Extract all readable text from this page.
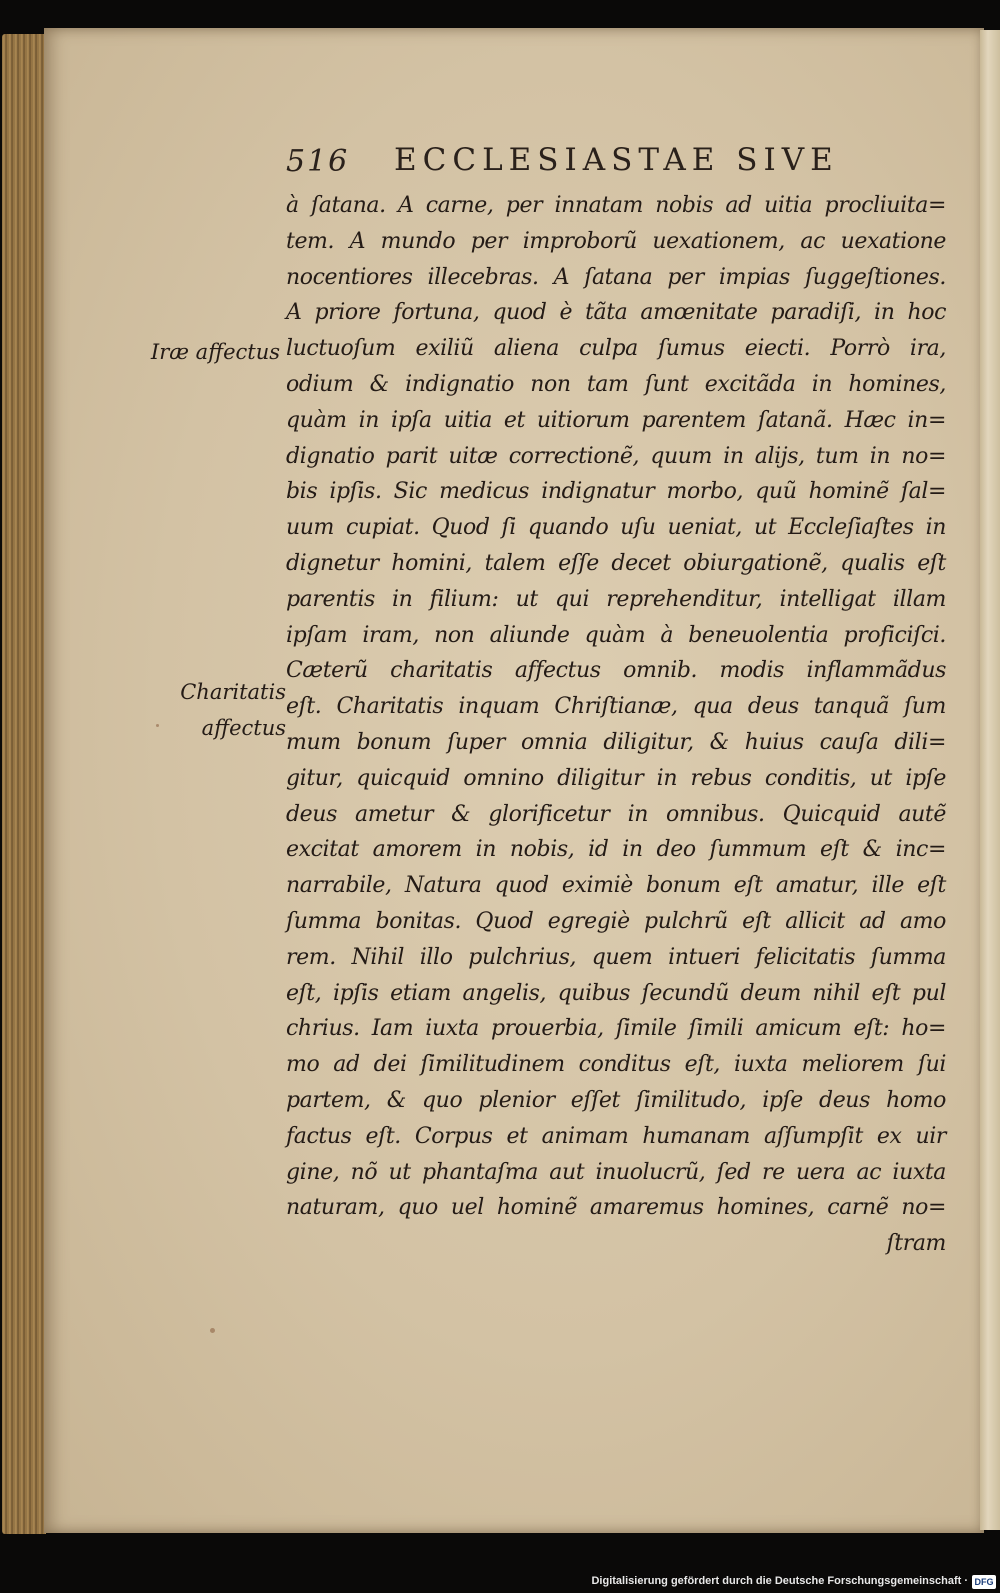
516 ECCLESIASTAE SIVE
Iræ affectus
Charitatis
affectus
à ſatana. A carne, per innatam nobis ad uitia procliuita=
tem. A mundo per improborũ uexationem, ac uexatione
nocentiores illecebras. A ſatana per impias ſuggeſtiones.
A priore fortuna, quod è tãta amœnitate paradiſi, in hoc
luctuoſum exiliũ aliena culpa ſumus eiecti. Porrò ira,
odium & indignatio non tam ſunt excitãda in homines,
quàm in ipſa uitia et uitiorum parentem ſatanã. Hæc in=
dignatio parit uitæ correctionẽ, quum in alijs, tum in no=
bis ipſis. Sic medicus indignatur morbo, quũ hominẽ ſal=
uum cupiat. Quod ſi quando uſu ueniat, ut Eccleſiaſtes in
dignetur homini, talem eſſe decet obiurgationẽ, qualis eſt
parentis in filium: ut qui reprehenditur, intelligat illam
ipſam iram, non aliunde quàm à beneuolentia proficiſci.
Cæterũ charitatis affectus omnib. modis inflammãdus
eſt. Charitatis inquam Chriſtianæ, qua deus tanquã ſum
mum bonum ſuper omnia diligitur, & huius cauſa dili=
gitur, quicquid omnino diligitur in rebus conditis, ut ipſe
deus ametur & glorificetur in omnibus. Quicquid autẽ
excitat amorem in nobis, id in deo ſummum eſt & inc=
narrabile, Natura quod eximiè bonum eſt amatur, ille eſt
ſumma bonitas. Quod egregiè pulchrũ eſt allicit ad amo
rem. Nihil illo pulchrius, quem intueri felicitatis ſumma
eſt, ipſis etiam angelis, quibus ſecundũ deum nihil eſt pul
chrius. Iam iuxta prouerbia, ſimile ſimili amicum eſt: ho=
mo ad dei ſimilitudinem conditus eſt, iuxta meliorem ſui
partem, & quo plenior eſſet ſimilitudo, ipſe deus homo
factus eſt. Corpus et animam humanam aſſumpſit ex uir
gine, nõ ut phantaſma aut inuolucrũ, ſed re uera ac iuxta
naturam, quo uel hominẽ amaremus homines, carnẽ no=
ſtram
Digitalisierung gefördert durch die Deutsche Forschungsgemeinschaft · DFG
